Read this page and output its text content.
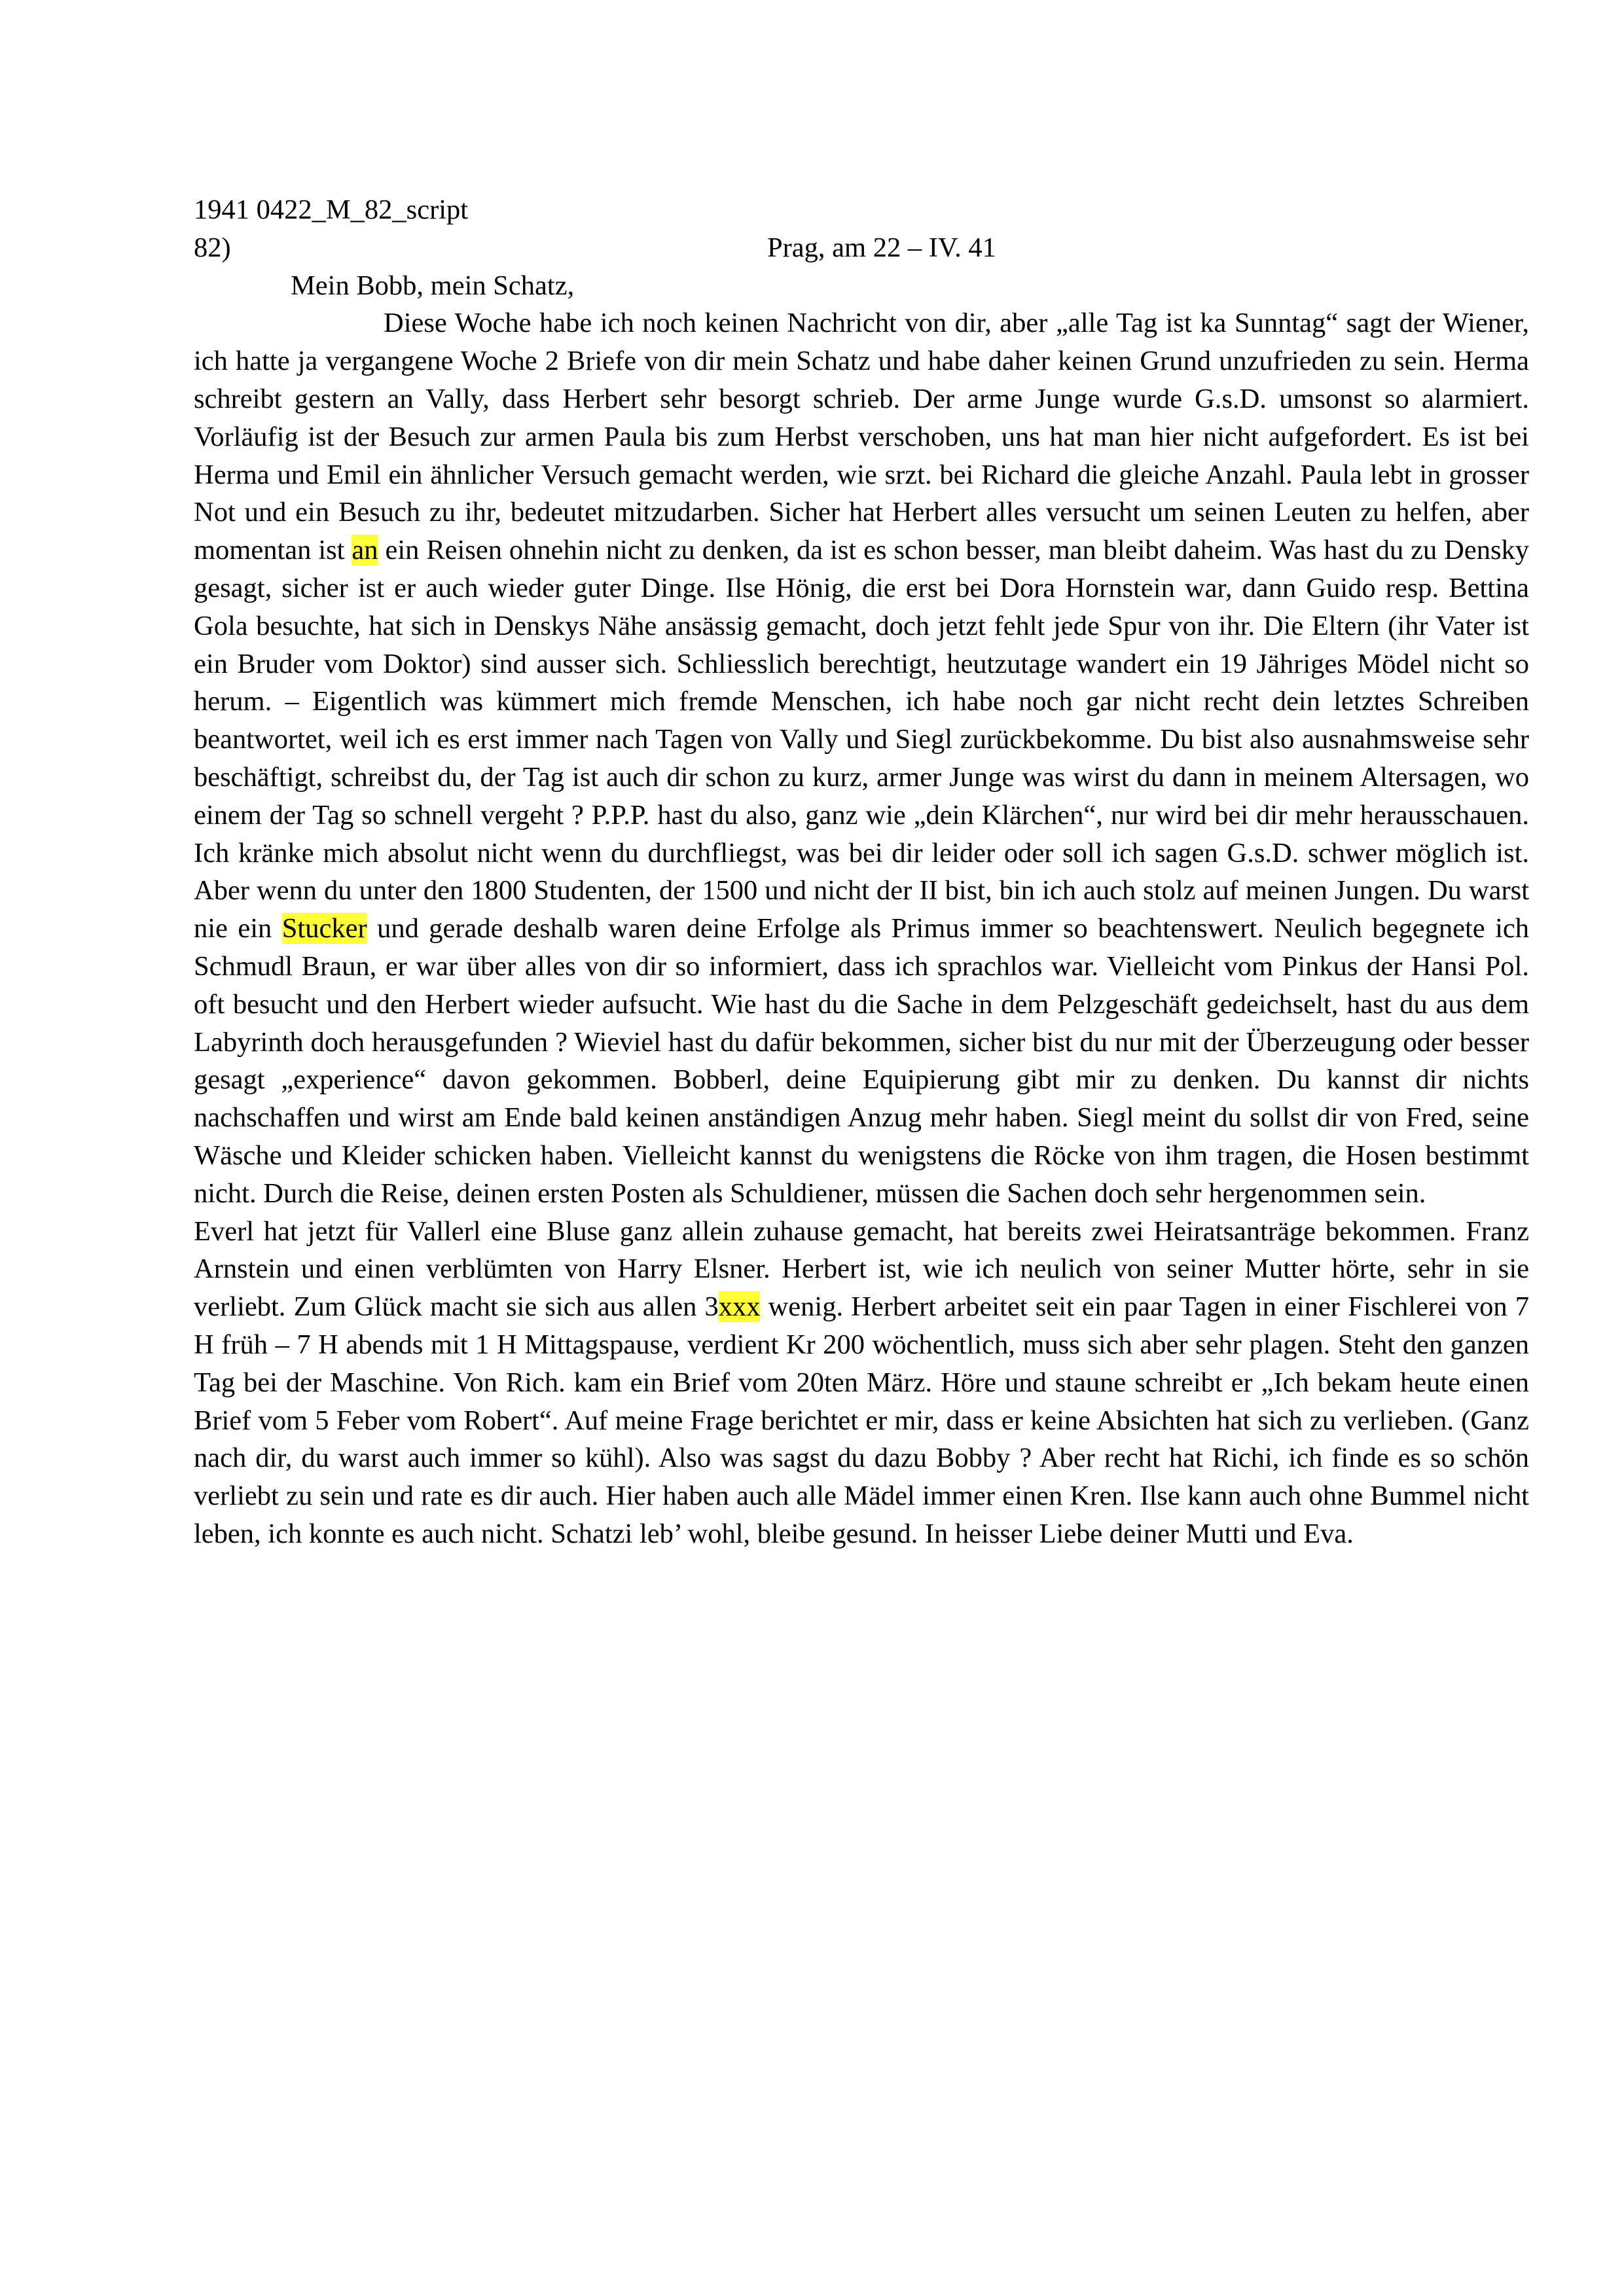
1941 0422_M_82_script
82)	Prag, am 22 – IV. 41
Mein Bobb, mein Schatz,
Diese Woche habe ich noch keinen Nachricht von dir, aber „alle Tag ist ka Sunntag“ sagt der Wiener, ich hatte ja vergangene Woche 2 Briefe von dir mein Schatz und habe daher keinen Grund unzufrieden zu sein. Herma schreibt gestern an Vally, dass Herbert sehr besorgt schrieb. Der arme Junge wurde G.s.D. umsonst so alarmiert. Vorläufig ist der Besuch zur armen Paula bis zum Herbst verschoben, uns hat man hier nicht aufgefordert. Es ist bei Herma und Emil ein ähnlicher Versuch gemacht werden, wie srzt. bei Richard die gleiche Anzahl. Paula lebt in grosser Not und ein Besuch zu ihr, bedeutet mitzudarben. Sicher hat Herbert alles versucht um seinen Leuten zu helfen, aber momentan ist an ein Reisen ohnehin nicht zu denken, da ist es schon besser, man bleibt daheim. Was hast du zu Densky gesagt, sicher ist er auch wieder guter Dinge. Ilse Hönig, die erst bei Dora Hornstein war, dann Guido resp. Bettina Gola besuchte, hat sich in Denskys Nähe ansässig gemacht, doch jetzt fehlt jede Spur von ihr. Die Eltern (ihr Vater ist ein Bruder vom Doktor) sind ausser sich. Schliesslich berechtigt, heutzutage wandert ein 19 Jähriges Mödel nicht so herum. – Eigentlich was kümmert mich fremde Menschen, ich habe noch gar nicht recht dein letztes Schreiben beantwortet, weil ich es erst immer nach Tagen von Vally und Siegl zurückbekomme. Du bist also ausnahmsweise sehr beschäftigt, schreibst du, der Tag ist auch dir schon zu kurz, armer Junge was wirst du dann in meinem Altersagen, wo einem der Tag so schnell vergeht ? P.P.P. hast du also, ganz wie „dein Klärchen“, nur wird bei dir mehr herausschauen. Ich kränke mich absolut nicht wenn du durchfliegst, was bei dir leider oder soll ich sagen G.s.D. schwer möglich ist. Aber wenn du unter den 1800 Studenten, der 1500 und nicht der II bist, bin ich auch stolz auf meinen Jungen. Du warst nie ein Stucker und gerade deshalb waren deine Erfolge als Primus immer so beachtenswert. Neulich begegnete ich Schmudl Braun, er war über alles von dir so informiert, dass ich sprachlos war. Vielleicht vom Pinkus der Hansi Pol. oft besucht und den Herbert wieder aufsucht. Wie hast du die Sache in dem Pelzgeschäft gedeichselt, hast du aus dem Labyrinth doch herausgefunden ? Wieviel hast du dafür bekommen, sicher bist du nur mit der Überzeugung oder besser gesagt „experience“ davon gekommen. Bobberl, deine Equipierung gibt mir zu denken. Du kannst dir nichts nachschaffen und wirst am Ende bald keinen anständigen Anzug mehr haben. Siegl meint du sollst dir von Fred, seine Wäsche und Kleider schicken haben. Vielleicht kannst du wenigstens die Röcke von ihm tragen, die Hosen bestimmt nicht. Durch die Reise, deinen ersten Posten als Schuldiener, müssen die Sachen doch sehr hergenommen sein.
Everl hat jetzt für Vallerl eine Bluse ganz allein zuhause gemacht, hat bereits zwei Heiratsanträge bekommen. Franz Arnstein und einen verblümten von Harry Elsner. Herbert ist, wie ich neulich von seiner Mutter hörte, sehr in sie verliebt. Zum Glück macht sie sich aus allen 3xxx wenig. Herbert arbeitet seit ein paar Tagen in einer Fischlerei von 7 H früh – 7 H abends mit 1 H Mittagspause, verdient Kr 200 wöchentlich, muss sich aber sehr plagen. Steht den ganzen Tag bei der Maschine. Von Rich. kam ein Brief vom 20ten März. Höre und staune schreibt er „Ich bekam heute einen Brief vom 5 Feber vom Robert“. Auf meine Frage berichtet er mir, dass er keine Absichten hat sich zu verlieben. (Ganz nach dir, du warst auch immer so kühl). Also was sagst du dazu Bobby ? Aber recht hat Richi, ich finde es so schön verliebt zu sein und rate es dir auch. Hier haben auch alle Mädel immer einen Kren. Ilse kann auch ohne Bummel nicht leben, ich konnte es auch nicht. Schatzi leb’ wohl, bleibe gesund. In heisser Liebe deiner Mutti und Eva.
